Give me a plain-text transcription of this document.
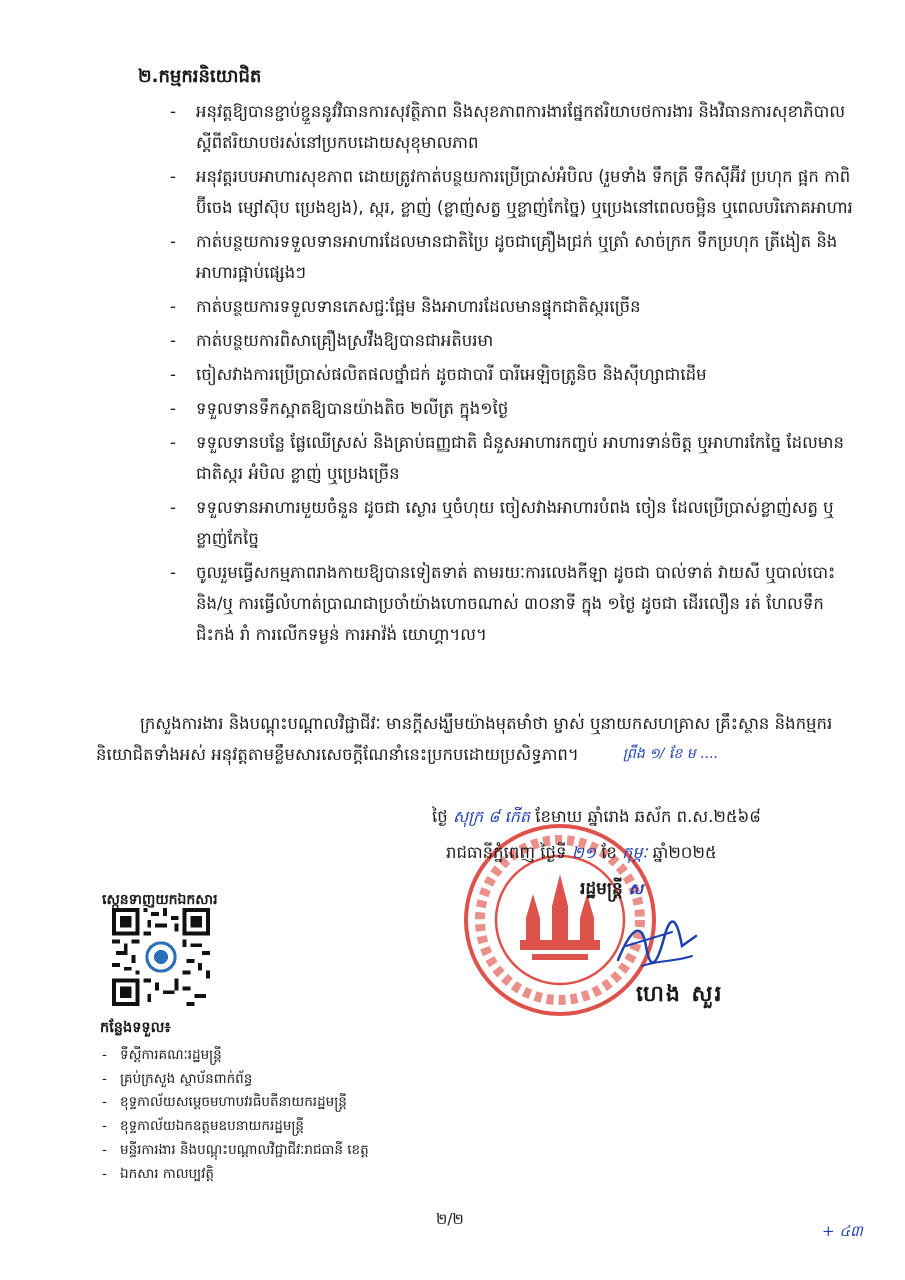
២.កម្មករនិយោជិត
- អនុវត្តឱ្យបានខ្ជាប់ខ្ជួននូវវិធានការសុវត្ថិភាព និងសុខភាពការងារផ្នែកឥរិយាបថការងារ និងវិធានការសុខាភិបាលស្តីពីឥរិយាបថរស់នៅប្រកបដោយសុខុមាលភាព
- អនុវត្តរបបអាហារសុខភាព ដោយត្រូវកាត់បន្ថយការប្រើប្រាស់អំបិល (រួមទាំង ទឹកត្រី ទឹកស៊ីអ៊ីវ ប្រហុក ផ្អក កាពិ ប៊ីចេង ម្សៅស៊ុប ប្រេងខ្យង), ស្ករ, ខ្លាញ់ (ខ្លាញ់សត្វ ឬខ្លាញ់កែច្នៃ) ឬប្រេងនៅពេលចម្អិន ឬពេលបរិភោគអាហារ
- កាត់បន្ថយការទទួលទានអាហារដែលមានជាតិប្រៃ ដូចជាគ្រឿងជ្រក់ ឬត្រាំ សាច់ក្រក ទឹកប្រហុក ត្រីងៀត និងអាហារផ្អាប់ផ្សេងៗ
- កាត់បន្ថយការទទួលទានភេសជ្ជៈផ្អែម និងអាហារដែលមានផ្ទុកជាតិស្ករច្រើន
- កាត់បន្ថយការពិសាគ្រឿងស្រវឹងឱ្យបានជាអតិបរមា
- ចៀសវាងការប្រើប្រាស់ផលិតផលថ្នាំជក់ ដូចជាបារី បារីអេឡិចត្រូនិច និងស៊ីហ្សាជាដើម
- ទទួលទានទឹកស្អាតឱ្យបានយ៉ាងតិច ២លីត្រ ក្នុង១ថ្ងៃ
- ទទួលទានបន្លែ ផ្លែឈើស្រស់ និងគ្រាប់ធញ្ញជាតិ ជំនួសអាហារកញ្ចប់ អាហារទាន់ចិត្ត ឬអាហារកែច្នៃ ដែលមានជាតិស្ករ អំបិល ខ្លាញ់ ឬប្រេងច្រើន
- ទទួលទានអាហារមួយចំនួន ដូចជា ស្ងោរ ឬចំហុយ ចៀសវាងអាហារបំពង ចៀន ដែលប្រើប្រាស់ខ្លាញ់សត្វ ឬខ្លាញ់កែច្នៃ
- ចូលរួមធ្វើសកម្មភាពរាងកាយឱ្យបានទៀតទាត់ តាមរយៈការលេងកីឡា ដូចជា បាល់ទាត់ វាយសី ឬបាល់បោះ និង/ឬ ការធ្វើលំហាត់ប្រាណជាប្រចាំយ៉ាងហោចណាស់ ៣០នាទី ក្នុង ១ថ្ងៃ ដូចជា ដើរលឿន រត់ ហែលទឹក ជិះកង់ រាំ ការលើកទម្ងន់ ការអាវ៉ង់ យោហ្គា។ល។
ក្រសួងការងារ និងបណ្តុះបណ្តាលវិជ្ជាជីវៈ មានក្តីសង្ឃឹមយ៉ាងមុតមាំថា ម្ចាស់ ឬនាយកសហគ្រាស គ្រឹះស្ថាន និងកម្មករនិយោជិតទាំងអស់ អនុវត្តតាមខ្លឹមសារសេចក្តីណែនាំនេះប្រកបដោយប្រសិទ្ធភាព។	ព្រឹង ១/ ខែ ម ....
ថ្ងៃ សុក្រ ៨ កើត ខែមាឃ ឆ្នាំរោង ឆស័ក ព.ស.២៥៦៨
រាជធានីភ្នំពេញ ថ្ងៃទី ២១ ខែ កុម្ភៈ ឆ្នាំ២០២៥
រដ្ឋមន្ត្រី ស
ហេង សួរ
ស្កេនទាញយកឯកសារ
កន្លែងទទួល៖
- ទីស្តីការគណៈរដ្ឋមន្ត្រី
- គ្រប់ក្រសួង ស្ថាប័នពាក់ព័ន្ធ
- ខុទ្ទកាល័យសម្តេចមហាបវរធិបតីនាយករដ្ឋមន្ត្រី
- ខុទ្ទកាល័យឯកឧត្តមឧបនាយករដ្ឋមន្ត្រី
- មន្ទីរការងារ និងបណ្តុះបណ្តាលវិជ្ជាជីវៈរាជធានី ខេត្ត
- ឯកសារ កាលប្បវត្តិ
២/២
+ ៤៣
